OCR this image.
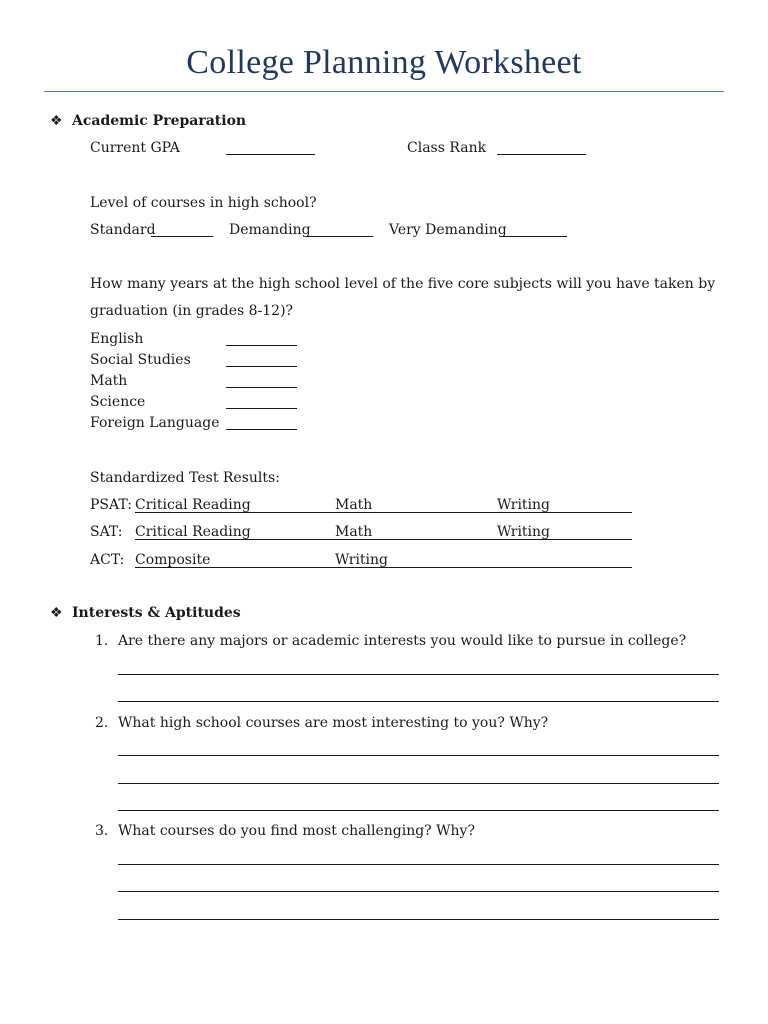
College Planning Worksheet
❖ Academic Preparation
Current GPA	Class Rank
Level of courses in high school?
Standard	Demanding	Very Demanding
How many years at the high school level of the five core subjects will you have taken by
graduation (in grades 8-12)?
English
Social Studies
Math
Science
Foreign Language
Standardized Test Results:
PSAT: Critical Reading	Math	Writing
SAT: Critical Reading	Math	Writing
ACT: Composite	Writing
❖ Interests & Aptitudes
1. Are there any majors or academic interests you would like to pursue in college?
2. What high school courses are most interesting to you? Why?
3. What courses do you find most challenging? Why?
